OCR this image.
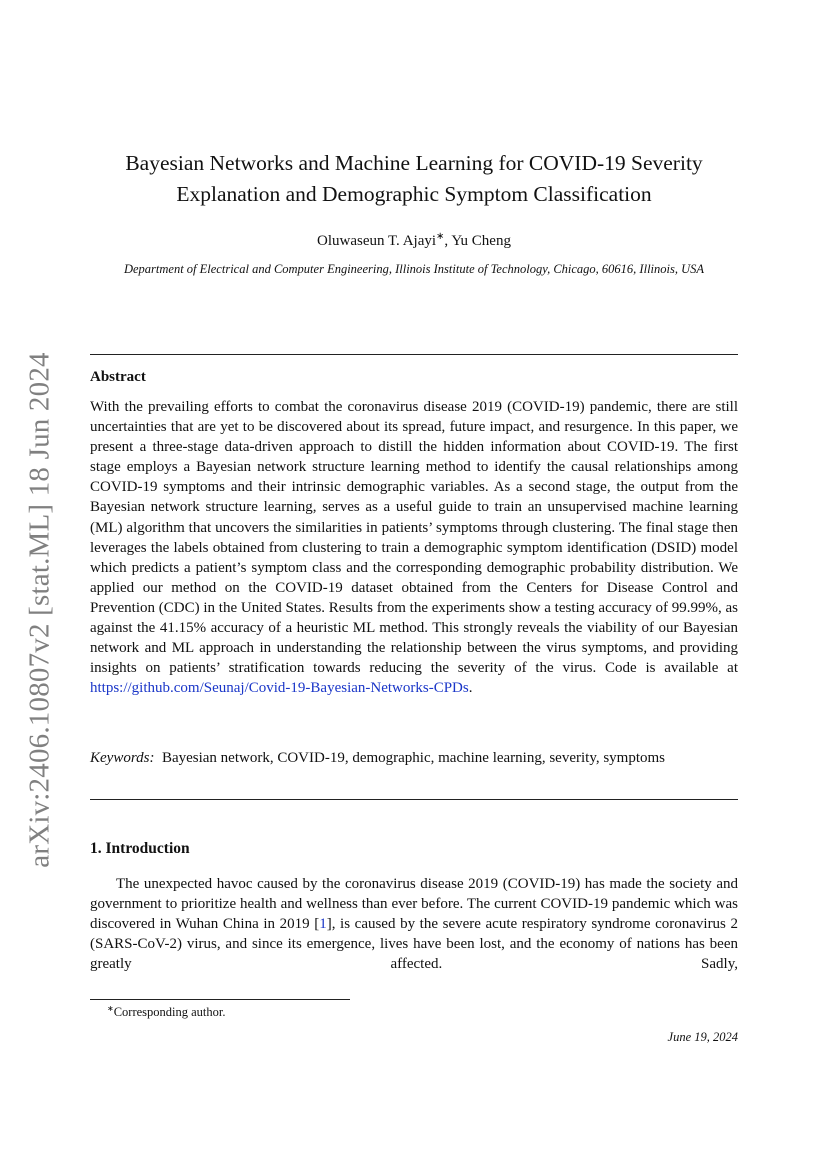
arXiv:2406.10807v2 [stat.ML] 18 Jun 2024
Bayesian Networks and Machine Learning for COVID-19 Severity
Explanation and Demographic Symptom Classification
Oluwaseun T. Ajayi∗, Yu Cheng
Department of Electrical and Computer Engineering, Illinois Institute of Technology, Chicago, 60616, Illinois, USA
Abstract
With the prevailing efforts to combat the coronavirus disease 2019 (COVID-19) pandemic, there are still uncertainties that are yet to be discovered about its spread, future impact, and resurgence. In this paper, we present a three-stage data-driven approach to distill the hidden information about COVID-19. The first stage employs a Bayesian network structure learning method to identify the causal relationships among COVID-19 symptoms and their intrinsic demographic variables. As a second stage, the output from the Bayesian network structure learning, serves as a useful guide to train an unsupervised machine learning (ML) algorithm that uncovers the similarities in patients’ symptoms through clustering. The final stage then leverages the labels obtained from clustering to train a demographic symptom identification (DSID) model which predicts a patient’s symptom class and the corresponding demographic probability distribution. We applied our method on the COVID-19 dataset obtained from the Centers for Disease Control and Prevention (CDC) in the United States. Results from the experiments show a testing accuracy of 99.99%, as against the 41.15% accuracy of a heuristic ML method. This strongly reveals the viability of our Bayesian network and ML approach in understanding the relationship between the virus symptoms, and providing insights on patients’ stratification towards reducing the severity of the virus. Code is available at https://github.com/Seunaj/Covid-19-Bayesian-Networks-CPDs.
Keywords: Bayesian network, COVID-19, demographic, machine learning, severity, symptoms
1. Introduction

The unexpected havoc caused by the coronavirus disease 2019 (COVID-19) has made the society and government to prioritize health and wellness than ever before. The current COVID-19 pandemic which was discovered in Wuhan China in 2019 [1], is caused by the severe acute respiratory syndrome coronavirus 2 (SARS-CoV-2) virus, and since its emergence, lives have been lost, and the economy of nations has been greatly affected. Sadly,

∗Corresponding author.
June 19, 2024
